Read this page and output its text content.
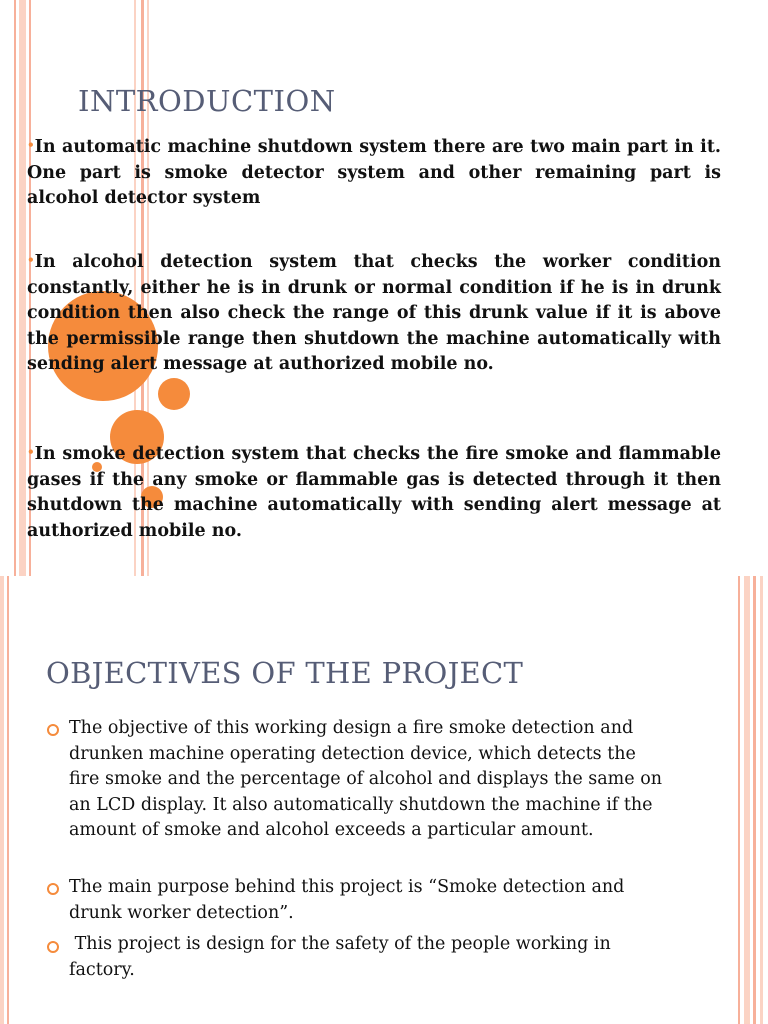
INTRODUCTION
•In automatic machine shutdown system there are two main part in it. One part is smoke detector system and other remaining part is alcohol detector system
•In alcohol detection system that checks the worker condition constantly, either he is in drunk or normal condition if he is in drunk condition then also check the range of this drunk value if it is above the permissible range then shutdown the machine automatically with sending alert message at authorized mobile no.
•In smoke detection system that checks the fire smoke and flammable gases if the any smoke or flammable gas is detected through it then shutdown the machine automatically with sending alert message at authorized mobile no.
OBJECTIVES OF THE PROJECT
The objective of this working design a fire smoke detection and drunken machine operating detection device, which detects the fire smoke and the percentage of alcohol and displays the same on an LCD display. It also automatically shutdown the machine if the amount of smoke and alcohol exceeds a particular amount.
The main purpose behind this project is “Smoke detection and drunk worker detection”.
This project is design for the safety of the people working in factory.
